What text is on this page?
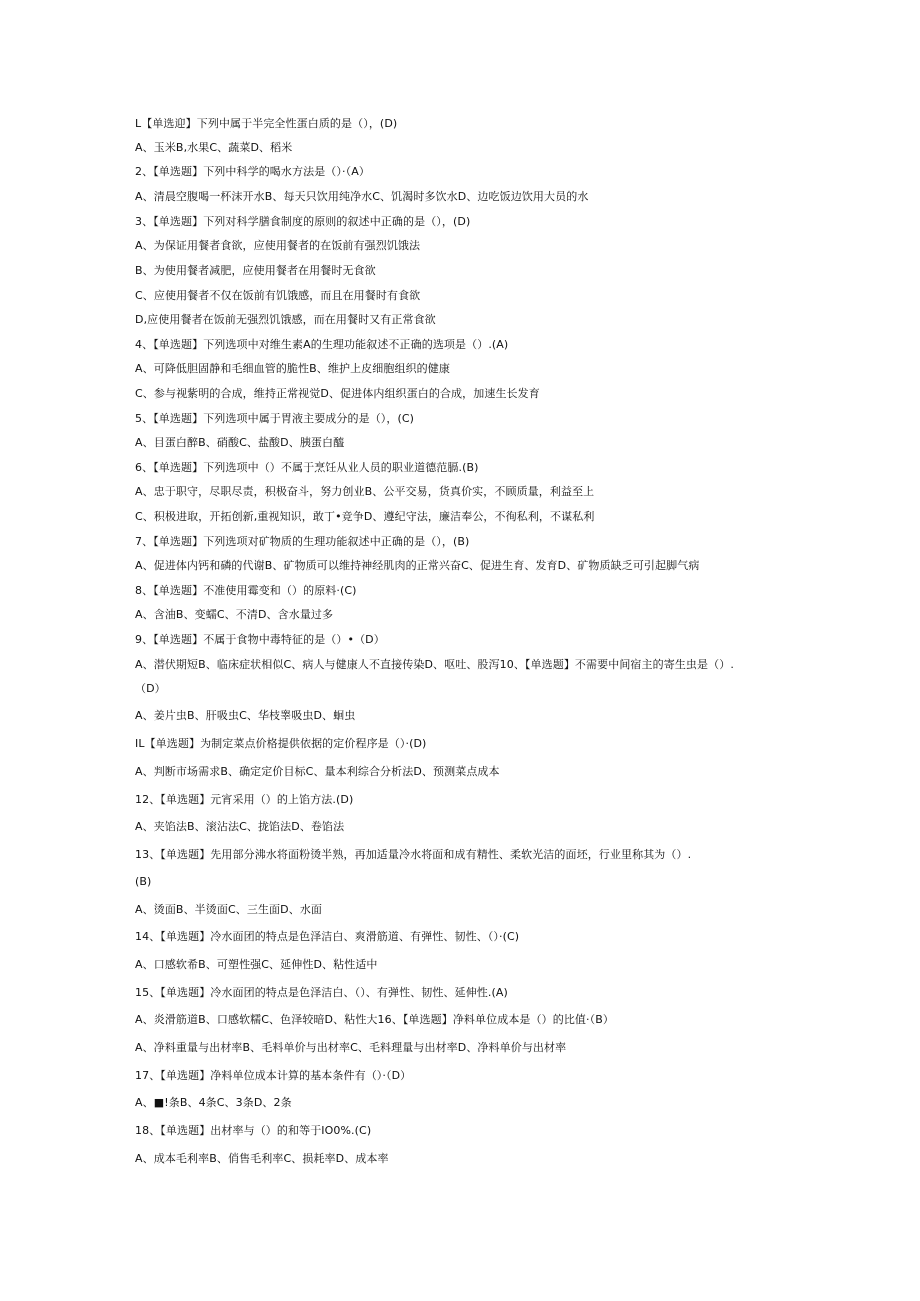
L【单选迎】下列中属于半完全性蛋白质的是（），(D)
A、玉米B,水果C、蔬菜D、稻米
2、【单选题】下列中科学的喝水方法是（）·（A）
A、清晨空腹喝一杯沫开水B、每天只饮用纯净水C、饥渴时多饮水D、边吃饭边饮用大员的水
3、【单选题】下列对科学膳食制度的原则的叙述中正确的是（），(D)
A、为保证用餐者食欲，应使用餐者的在饭前有强烈饥饿法
B、为使用餐者减肥，应使用餐者在用餐时无食欲
C、应使用餐者不仅在饭前有饥饿感，而且在用餐时有食欲
D,应使用餐者在饭前无强烈饥饿感，而在用餐时又有正常食欲
4、【单选题】下列选项中对维生素A的生理功能叙述不正确的选项是（）.(A)
A、可降低胆固静和毛细血管的脆性B、维护上皮细胞组织的健康
C、参与视紫明的合成，维持正常视觉D、促进体内组织蛋白的合成，加速生长发育
5、【单选题】下列选项中属于胃液主要成分的是（），(C)
A、目蛋白醉B、硝酸C、盐酸D、胰蛋白醯
6、【单选题】下列选项中（）不属于烹饪从业人员的职业道德范膈.(B)
A、忠于职守，尽职尽责，积极奋斗，努力创业B、公平交易，货真价实，不顾质量，利益至上
C、积极进取，开拓创新,重视知识，敢丁•竞争D、遵纪守法，廉洁奉公，不徇私利，不谋私利
7、【单选题】下列选项对矿物质的生理功能叙述中正确的是（），(B)
A、促进体内钙和磷的代谢B、矿物质可以维持神经肌肉的正常兴奋C、促进生育、发育D、矿物质缺乏可引起脚气病
8、【单选题】不准使用霉变和（）的原料·(C)
A、含油B、变蠕C、不清D、含水量过多
9、【单选题】不属于食物中毒特征的是（）•（D）
A、潜伏期短B、临床症状相似C、病人与健康人不直接传染D、呕吐、股泻10、【单选题】不需要中间宿主的寄生虫是（）.
（D）
A、姜片虫B、肝吸虫C、华枝睾吸虫D、蛔虫
IL【单选题】为制定菜点价格提供依据的定价程序是（）·(D)
A、判断市场需求B、确定定价目标C、量本利综合分析法D、预测菜点成本
12、【单选题】元宵采用（）的上馅方法.(D)
A、夹馅法B、滚沾法C、拢馅法D、卷馅法
13、【单选题】先用部分沸水将面粉烫半熟，再加适量冷水将面和成有精性、柔软光洁的面坯，行业里称其为（）.
(B)
A、烫面B、半烫面C、三生面D、水面
14、【单选题】冷水面团的特点是色泽洁白、爽滑筋道、有弹性、韧性、（）·(C)
A、口感软希B、可塑性强C、延伸性D、粘性适中
15、【单选题】冷水面团的特点是色泽洁白、（）、有弹性、韧性、延伸性.(A)
A、炎滑筋道B、口感软糯C、色泽较暗D、粘性大16、【单选题】净料单位成本是（）的比值·（B）
A、净料重量与出材率B、毛料单价与出材率C、毛料理量与出材率D、净料单价与出材率
17、【单选题】净料单位成本计算的基本条件有（）·（D）
A、■!条B、4条C、3条D、2条
18、【单选题】出材率与（）的和等于IO0%.(C)
A、成本毛利率B、俏售毛利率C、损耗率D、成本率
